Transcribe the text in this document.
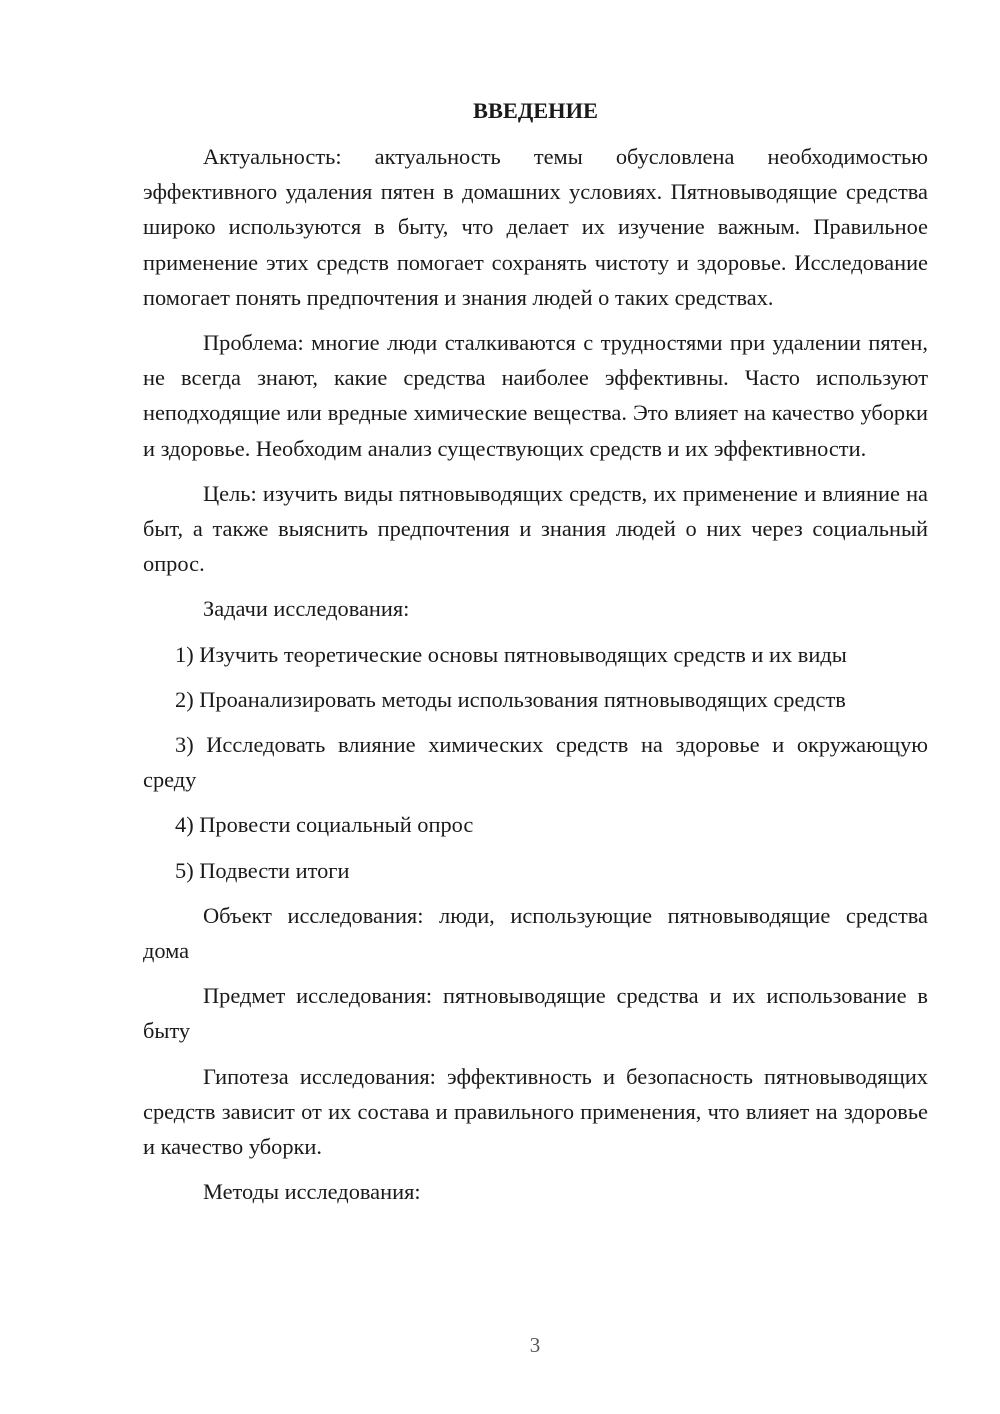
ВВЕДЕНИЕ

Актуальность: актуальность темы обусловлена необходимостью эффективного удаления пятен в домашних условиях. Пятновыводящие средства широко используются в быту, что делает их изучение важным. Правильное применение этих средств помогает сохранять чистоту и здоровье. Исследование помогает понять предпочтения и знания людей о таких средствах.

Проблема: многие люди сталкиваются с трудностями при удалении пятен, не всегда знают, какие средства наиболее эффективны. Часто используют неподходящие или вредные химические вещества. Это влияет на качество уборки и здоровье. Необходим анализ существующих средств и их эффективности.

Цель: изучить виды пятновыводящих средств, их применение и влияние на быт, а также выяснить предпочтения и знания людей о них через социальный опрос.

Задачи исследования:

1) Изучить теоретические основы пятновыводящих средств и их виды

2) Проанализировать методы использования пятновыводящих средств

3) Исследовать влияние химических средств на здоровье и окружающую среду

4) Провести социальный опрос

5) Подвести итоги

Объект исследования: люди, использующие пятновыводящие средства дома

Предмет исследования: пятновыводящие средства и их использование в быту

Гипотеза исследования: эффективность и безопасность пятновыводящих средств зависит от их состава и правильного применения, что влияет на здоровье и качество уборки.

Методы исследования:

3
